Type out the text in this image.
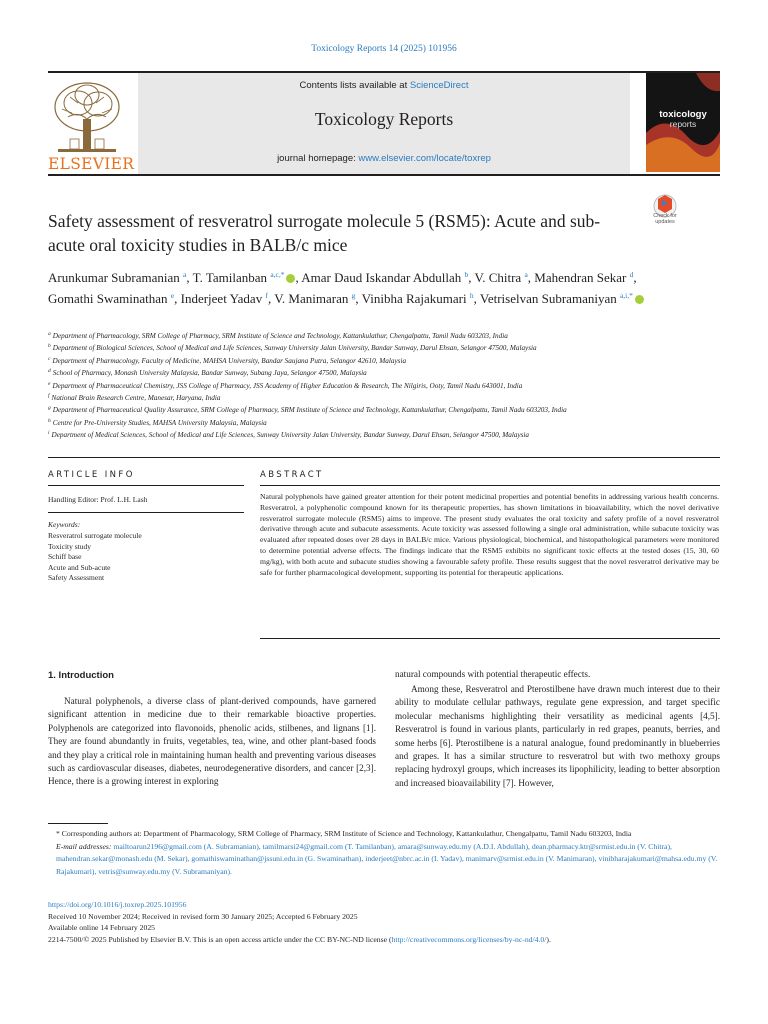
Toxicology Reports 14 (2025) 101956
ELSEVIER
Contents lists available at ScienceDirect
Toxicology Reports
journal homepage: www.elsevier.com/locate/toxrep
toxicology
reports
Safety assessment of resveratrol surrogate molecule 5 (RSM5): Acute and sub-acute oral toxicity studies in BALB/c mice
Check for updates
Arunkumar Subramanian $^a$, T. Tamilanban $^{a,c,*}$ , Amar Daud Iskandar Abdullah $^b$, V. Chitra $^a$, Mahendran Sekar $^d$, Gomathi Swaminathan $^e$, Inderjeet Yadav $^f$, V. Manimaran $^g$, Vinibha Rajakumari $^h$, Vetriselvan Subramaniyan $^{a,i,*}$
$^a$ Department of Pharmacology, SRM College of Pharmacy, SRM Institute of Science and Technology, Kattankulathur, Chengalpattu, Tamil Nadu 603203, India
$^b$ Department of Biological Sciences, School of Medical and Life Sciences, Sunway University Jalan University, Bandar Sunway, Darul Ehsan, Selangor 47500, Malaysia
$^c$ Department of Pharmacology, Faculty of Medicine, MAHSA University, Bandar Saujana Putra, Selangor 42610, Malaysia
$^d$ School of Pharmacy, Monash University Malaysia, Bandar Sunway, Subang Jaya, Selangor 47500, Malaysia
$^e$ Department of Pharmaceutical Chemistry, JSS College of Pharmacy, JSS Academy of Higher Education & Research, The Nilgiris, Ooty, Tamil Nadu 643001, India
$^f$ National Brain Research Centre, Manesar, Haryana, India
$^g$ Department of Pharmaceutical Quality Assurance, SRM College of Pharmacy, SRM Institute of Science and Technology, Kattankulathur, Chengalpattu, Tamil Nadu 603203, India
$^h$ Centre for Pre-University Studies, MAHSA University Malaysia, Malaysia
$^i$ Department of Medical Sciences, School of Medical and Life Sciences, Sunway University Jalan University, Bandar Sunway, Darul Ehsan, Selangor 47500, Malaysia
ARTICLE INFO	ABSTRACT
Handling Editor: Prof. L.H. Lash
Keywords:
Resveratrol surrogate molecule
Toxicity study
Schiff base
Acute and Sub-acute
Safety Assessment
Natural polyphenols have gained greater attention for their potent medicinal properties and potential benefits in addressing various health concerns. Resveratrol, a polyphenolic compound known for its therapeutic properties, has shown limitations in bioavailability, which the novel derivative resveratrol surrogate molecule (RSM5) aims to improve. The present study evaluates the oral toxicity and safety profile of a novel resveratrol derivative through acute and subacute assessments. Acute toxicity was assessed following a single oral administration, while subacute toxicity was evaluated after repeated doses over 28 days in BALB/c mice. Various physiological, biochemical, and histopathological parameters were monitored to determine potential adverse effects. The findings indicate that the RSM5 exhibits no significant toxic effects at the tested doses (15, 30, 60 mg/kg), with both acute and subacute studies showing a favourable safety profile. These results suggest that the novel resveratrol derivative may be safe for further pharmacological development, supporting its potential for therapeutic applications.
1. Introduction
Natural polyphenols, a diverse class of plant-derived compounds, have garnered significant attention in medicine due to their remarkable bioactive properties. Polyphenols are categorized into flavonoids, phenolic acids, stilbenes, and lignans [1]. They are found abundantly in fruits, vegetables, tea, wine, and other plant-based foods and they play a critical role in maintaining human health and preventing various diseases such as cardiovascular diseases, diabetes, neurodegenerative disorders, and cancer [2,3]. Hence, there is a growing interest in exploring
natural compounds with potential therapeutic effects.
Among these, Resveratrol and Pterostilbene have drawn much interest due to their ability to modulate cellular pathways, regulate gene expression, and target specific molecular mechanisms highlighting their versatility as medicinal agents [4,5]. Resveratrol is found in various plants, particularly in red grapes, peanuts, berries, and some herbs [6]. Pterostilbene is a natural analogue, found predominantly in blueberries and grapes. It has a similar structure to resveratrol but with two methoxy groups replacing hydroxyl groups, which increases its lipophilicity, leading to better absorption and increased bioavailability [7]. However,
* Corresponding authors at: Department of Pharmacology, SRM College of Pharmacy, SRM Institute of Science and Technology, Kattankulathur, Chengalpattu, Tamil Nadu 603203, India
E-mail addresses: mailtoarun2196@gmail.com (A. Subramanian), tamilmarsi24@gmail.com (T. Tamilanban), amara@sunway.edu.my (A.D.I. Abdullah), dean.pharmacy.ktr@srmist.edu.in (V. Chitra), mahendran.sekar@monash.edu (M. Sekar), gomathiswaminathan@jssuni.edu.in (G. Swaminathan), inderjeet@nbrc.ac.in (I. Yadav), manimarv@srmist.edu.in (V. Manimaran), vinibharajakumari@mahsa.edu.my (V. Rajakumari), vetris@sunway.edu.my (V. Subramaniyan).
https://doi.org/10.1016/j.toxrep.2025.101956
Received 10 November 2024; Received in revised form 30 January 2025; Accepted 6 February 2025
Available online 14 February 2025
2214-7500/© 2025 Published by Elsevier B.V. This is an open access article under the CC BY-NC-ND license (http://creativecommons.org/licenses/by-nc-nd/4.0/).
